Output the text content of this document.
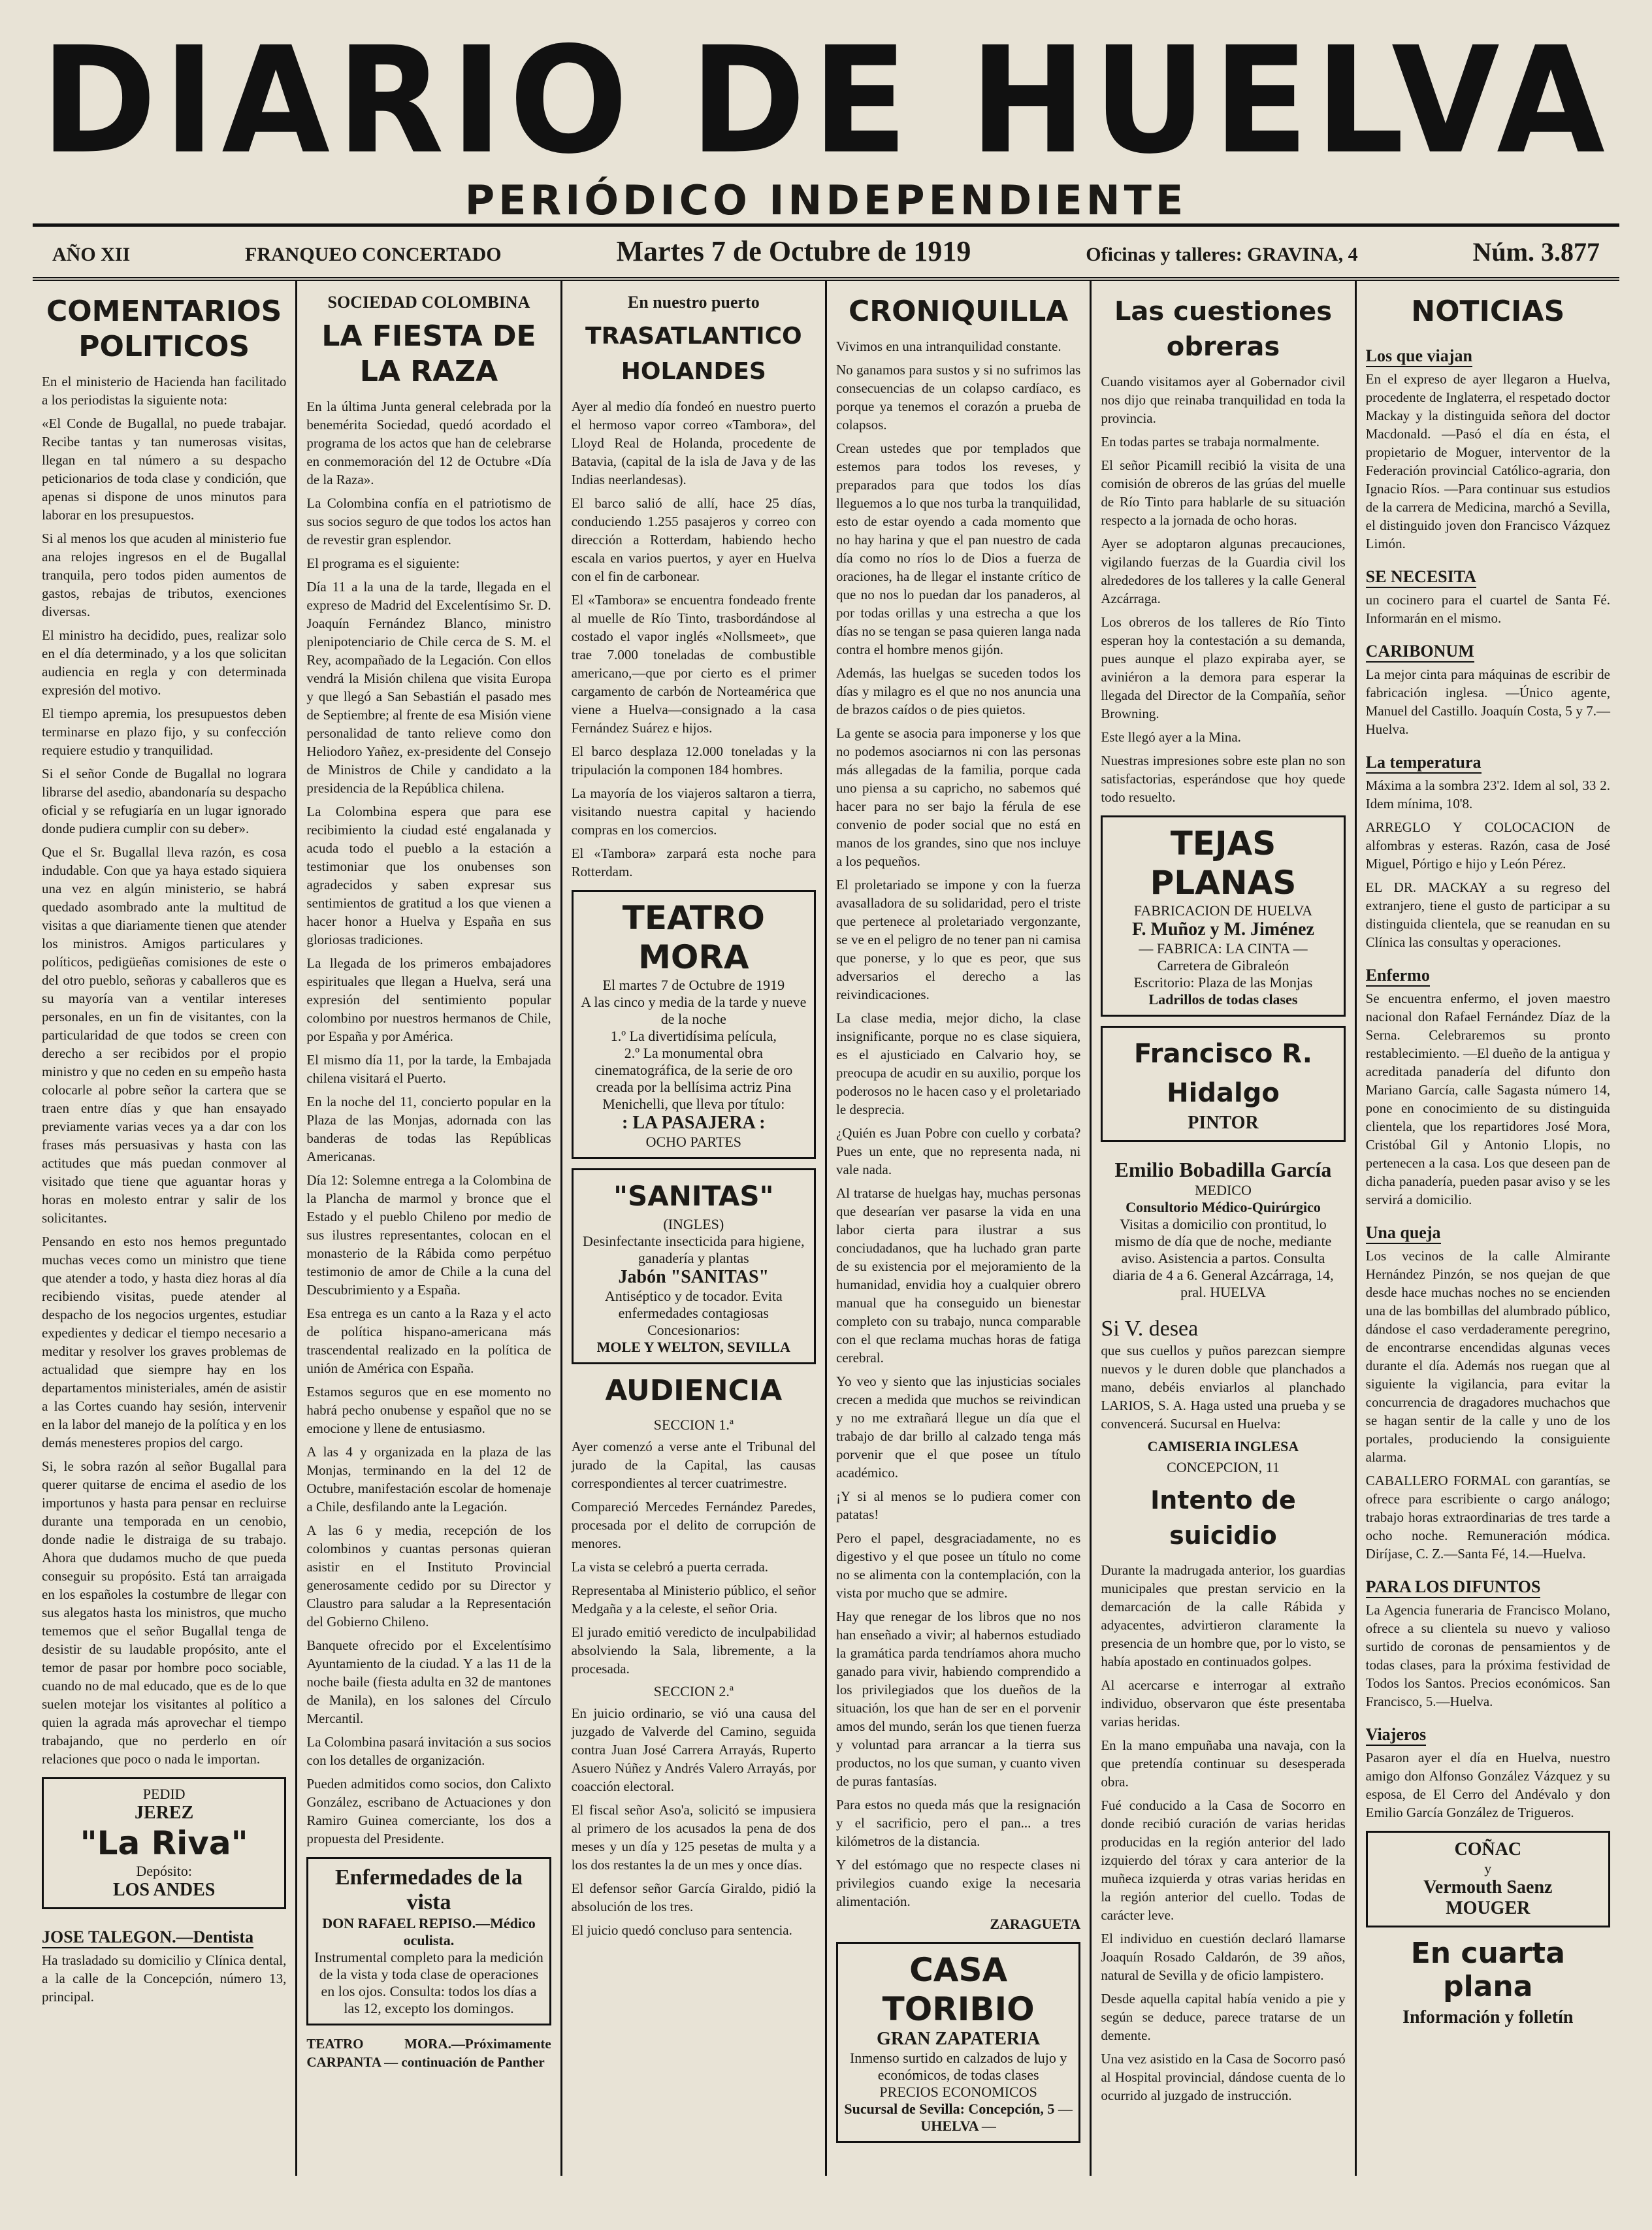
DIARIO DE HUELVA
PERIÓDICO INDEPENDIENTE
AÑO XII	FRANQUEO CONCERTADO	Martes 7 de Octubre de 1919	Oficinas y talleres: GRAVINA, 4	Núm. 3.877
COMENTARIOS POLITICOS

En el ministerio de Hacienda han facilitado a los periodistas la siguiente nota:

«El Conde de Bugallal, no puede trabajar. Recibe tantas y tan numerosas visitas, llegan en tal número a su despacho peticionarios de toda clase y condición, que apenas si dispone de unos minutos para laborar en los presupuestos.

Si al menos los que acuden al ministerio fue ana relojes ingresos en el de Bugallal tranquila, pero todos piden aumentos de gastos, rebajas de tributos, exenciones diversas.

El ministro ha decidido, pues, realizar solo en el día determinado, y a los que solicitan audiencia en regla y con determinada expresión del motivo.

El tiempo apremia, los presupuestos deben terminarse en plazo fijo, y su confección requiere estudio y tranquilidad.

Si el señor Conde de Bugallal no lograra librarse del asedio, abandonaría su despacho oficial y se refugiaría en un lugar ignorado donde pudiera cumplir con su deber».

Que el Sr. Bugallal lleva razón, es cosa indudable. Con que ya haya estado siquiera una vez en algún ministerio, se habrá quedado asombrado ante la multitud de visitas a que diariamente tienen que atender los ministros. Amigos particulares y políticos, pedigüeñas comisiones de este o del otro pueblo, señoras y caballeros que es su mayoría van a ventilar intereses personales, en un fin de visitantes, con la particularidad de que todos se creen con derecho a ser recibidos por el propio ministro y que no ceden en su empeño hasta colocarle al pobre señor la cartera que se traen entre días y que han ensayado previamente varias veces ya a dar con los frases más persuasivas y hasta con las actitudes que más puedan conmover al visitado que tiene que aguantar horas y horas en molesto entrar y salir de los solicitantes.

Pensando en esto nos hemos preguntado muchas veces como un ministro que tiene que atender a todo, y hasta diez horas al día recibiendo visitas, puede atender al despacho de los negocios urgentes, estudiar expedientes y dedicar el tiempo necesario a meditar y resolver los graves problemas de actualidad que siempre hay en los departamentos ministeriales, amén de asistir a las Cortes cuando hay sesión, intervenir en la labor del manejo de la política y en los demás menesteres propios del cargo.

Si, le sobra razón al señor Bugallal para querer quitarse de encima el asedio de los importunos y hasta para pensar en recluirse durante una temporada en un cenobio, donde nadie le distraiga de su trabajo. Ahora que dudamos mucho de que pueda conseguir su propósito. Está tan arraigada en los españoles la costumbre de llegar con sus alegatos hasta los ministros, que mucho tememos que el señor Bugallal tenga de desistir de su laudable propósito, ante el temor de pasar por hombre poco sociable, cuando no de mal educado, que es de lo que suelen motejar los visitantes al político a quien la agrada más aprovechar el tiempo trabajando, que no perderlo en oír relaciones que poco o nada le importan.

PEDID
JEREZ
"La Riva"
Depósito:
LOS ANDES
JOSE TALEGON.—Dentista

Ha trasladado su domicilio y Clínica dental, a la calle de la Concepción, número 13, principal.

SOCIEDAD COLOMBINA
LA FIESTA DE LA RAZA

En la última Junta general celebrada por la benemérita Sociedad, quedó acordado el programa de los actos que han de celebrarse en conmemoración del 12 de Octubre «Día de la Raza».

La Colombina confía en el patriotismo de sus socios seguro de que todos los actos han de revestir gran esplendor.

El programa es el siguiente:

Día 11 a la una de la tarde, llegada en el expreso de Madrid del Excelentísimo Sr. D. Joaquín Fernández Blanco, ministro plenipotenciario de Chile cerca de S. M. el Rey, acompañado de la Legación. Con ellos vendrá la Misión chilena que visita Europa y que llegó a San Sebastián el pasado mes de Septiembre; al frente de esa Misión viene personalidad de tanto relieve como don Heliodoro Yañez, ex-presidente del Consejo de Ministros de Chile y candidato a la presidencia de la República chilena.

La Colombina espera que para ese recibimiento la ciudad esté engalanada y acuda todo el pueblo a la estación a testimoniar que los onubenses son agradecidos y saben expresar sus sentimientos de gratitud a los que vienen a hacer honor a Huelva y España en sus gloriosas tradiciones.

La llegada de los primeros embajadores espirituales que llegan a Huelva, será una expresión del sentimiento popular colombino por nuestros hermanos de Chile, por España y por América.

El mismo día 11, por la tarde, la Embajada chilena visitará el Puerto.

En la noche del 11, concierto popular en la Plaza de las Monjas, adornada con las banderas de todas las Repúblicas Americanas.

Día 12: Solemne entrega a la Colombina de la Plancha de marmol y bronce que el Estado y el pueblo Chileno por medio de sus ilustres representantes, colocan en el monasterio de la Rábida como perpétuo testimonio de amor de Chile a la cuna del Descubrimiento y a España.

Esa entrega es un canto a la Raza y el acto de política hispano-americana más trascendental realizado en la política de unión de América con España.

Estamos seguros que en ese momento no habrá pecho onubense y español que no se emocione y llene de entusiasmo.

A las 4 y organizada en la plaza de las Monjas, terminando en la del 12 de Octubre, manifestación escolar de homenaje a Chile, desfilando ante la Legación.

A las 6 y media, recepción de los colombinos y cuantas personas quieran asistir en el Instituto Provincial generosamente cedido por su Director y Claustro para saludar a la Representación del Gobierno Chileno.

Banquete ofrecido por el Excelentísimo Ayuntamiento de la ciudad. Y a las 11 de la noche baile (fiesta adulta en 32 de mantones de Manila), en los salones del Círculo Mercantil.

La Colombina pasará invitación a sus socios con los detalles de organización.

Pueden admitidos como socios, don Calixto González, escribano de Actuaciones y don Ramiro Guinea comerciante, los dos a propuesta del Presidente.

Enfermedades de la vista
DON RAFAEL REPISO.—Médico oculista.
Instrumental completo para la medición de la vista y toda clase de operaciones en los ojos. Consulta: todos los días a las 12, excepto los domingos.

TEATRO MORA.—Próximamente CARPANTA — continuación de Panther

En nuestro puerto
TRASATLANTICO HOLANDES

Ayer al medio día fondeó en nuestro puerto el hermoso vapor correo «Tambora», del Lloyd Real de Holanda, procedente de Batavia, (capital de la isla de Java y de las Indias neerlandesas).

El barco salió de allí, hace 25 días, conduciendo 1.255 pasajeros y correo con dirección a Rotterdam, habiendo hecho escala en varios puertos, y ayer en Huelva con el fin de carbonear.

El «Tambora» se encuentra fondeado frente al muelle de Río Tinto, trasbordándose al costado el vapor inglés «Nollsmeet», que trae 7.000 toneladas de combustible americano,—que por cierto es el primer cargamento de carbón de Norteamérica que viene a Huelva—consignado a la casa Fernández Suárez e hijos.

El barco desplaza 12.000 toneladas y la tripulación la componen 184 hombres.

La mayoría de los viajeros saltaron a tierra, visitando nuestra capital y haciendo compras en los comercios.

El «Tambora» zarpará esta noche para Rotterdam.

TEATRO MORA
El martes 7 de Octubre de 1919
A las cinco y media de la tarde y nueve de la noche
1.º La divertidísima película,
2.º La monumental obra cinematográfica, de la serie de oro creada por la bellísima actriz Pina Menichelli, que lleva por título:
: LA PASAJERA :
OCHO PARTES
"SANITAS"
(INGLES)
Desinfectante insecticida para higiene, ganadería y plantas
Jabón "SANITAS"
Antiséptico y de tocador. Evita enfermedades contagiosas
Concesionarios:
MOLE Y WELTON, SEVILLA
AUDIENCIA
SECCION 1.ª

Ayer comenzó a verse ante el Tribunal del jurado de la Capital, las causas correspondientes al tercer cuatrimestre.

Compareció Mercedes Fernández Paredes, procesada por el delito de corrupción de menores.

La vista se celebró a puerta cerrada.

Representaba al Ministerio público, el señor Medgaña y a la celeste, el señor Oria.

El jurado emitió veredicto de inculpabilidad absolviendo la Sala, libremente, a la procesada.

SECCION 2.ª

En juicio ordinario, se vió una causa del juzgado de Valverde del Camino, seguida contra Juan José Carrera Arrayás, Ruperto Asuero Núñez y Andrés Valero Arrayás, por coacción electoral.

El fiscal señor Aso'a, solicitó se impusiera al primero de los acusados la pena de dos meses y un día y 125 pesetas de multa y a los dos restantes la de un mes y once días.

El defensor señor García Giraldo, pidió la absolución de los tres.

El juicio quedó concluso para sentencia.

CRONIQUILLA

Vivimos en una intranquilidad constante.

No ganamos para sustos y si no sufrimos las consecuencias de un colapso cardíaco, es porque ya tenemos el corazón a prueba de colapsos.

Crean ustedes que por templados que estemos para todos los reveses, y preparados para que todos los días lleguemos a lo que nos turba la tranquilidad, esto de estar oyendo a cada momento que no hay harina y que el pan nuestro de cada día como no ríos lo de Dios a fuerza de oraciones, ha de llegar el instante crítico de que no nos lo puedan dar los panaderos, al por todas orillas y una estrecha a que los días no se tengan se pasa quieren langa nada contra el hombre menos gijón.

Además, las huelgas se suceden todos los días y milagro es el que no nos anuncia una de brazos caídos o de pies quietos.

La gente se asocia para imponerse y los que no podemos asociarnos ni con las personas más allegadas de la familia, porque cada uno piensa a su capricho, no sabemos qué hacer para no ser bajo la férula de ese convenio de poder social que no está en manos de los grandes, sino que nos incluye a los pequeños.

El proletariado se impone y con la fuerza avasalladora de su solidaridad, pero el triste que pertenece al proletariado vergonzante, se ve en el peligro de no tener pan ni camisa que ponerse, y lo que es peor, que sus adversarios el derecho a las reivindicaciones.

La clase media, mejor dicho, la clase insignificante, porque no es clase siquiera, es el ajusticiado en Calvario hoy, se preocupa de acudir en su auxilio, porque los poderosos no le hacen caso y el proletariado le desprecia.

¿Quién es Juan Pobre con cuello y corbata? Pues un ente, que no representa nada, ni vale nada.

Al tratarse de huelgas hay, muchas personas que desearían ver pasarse la vida en una labor cierta para ilustrar a sus conciudadanos, que ha luchado gran parte de su existencia por el mejoramiento de la humanidad, envidia hoy a cualquier obrero manual que ha conseguido un bienestar completo con su trabajo, nunca comparable con el que reclama muchas horas de fatiga cerebral.

Yo veo y siento que las injusticias sociales crecen a medida que muchos se reivindican y no me extrañará llegue un día que el trabajo de dar brillo al calzado tenga más porvenir que el que posee un título académico.

¡Y si al menos se lo pudiera comer con patatas!

Pero el papel, desgraciadamente, no es digestivo y el que posee un título no come no se alimenta con la contemplación, con la vista por mucho que se admire.

Hay que renegar de los libros que no nos han enseñado a vivir; al habernos estudiado la gramática parda tendríamos ahora mucho ganado para vivir, habiendo comprendido a los privilegiados que los dueños de la situación, los que han de ser en el porvenir amos del mundo, serán los que tienen fuerza y voluntad para arrancar a la tierra sus productos, no los que suman, y cuanto viven de puras fantasías.

Para estos no queda más que la resignación y el sacrificio, pero el pan... a tres kilómetros de la distancia.

Y del estómago que no respecte clases ni privilegios cuando exige la necesaria alimentación.

ZARAGUETA
CASA TORIBIO
GRAN ZAPATERIA
Inmenso surtido en calzados de lujo y económicos, de todas clases
PRECIOS ECONOMICOS
Sucursal de Sevilla: Concepción, 5 — UHELVA —
Las cuestiones obreras

Cuando visitamos ayer al Gobernador civil nos dijo que reinaba tranquilidad en toda la provincia.

En todas partes se trabaja normalmente.

El señor Picamill recibió la visita de una comisión de obreros de las grúas del muelle de Río Tinto para hablarle de su situación respecto a la jornada de ocho horas.

Ayer se adoptaron algunas precauciones, vigilando fuerzas de la Guardia civil los alrededores de los talleres y la calle General Azcárraga.

Los obreros de los talleres de Río Tinto esperan hoy la contestación a su demanda, pues aunque el plazo expiraba ayer, se aviniéron a la demora para esperar la llegada del Director de la Compañía, señor Browning.

Este llegó ayer a la Mina.

Nuestras impresiones sobre este plan no son satisfactorias, esperándose que hoy quede todo resuelto.

TEJAS PLANAS
FABRICACION DE HUELVA
F. Muñoz y M. Jiménez
— FABRICA: LA CINTA —
Carretera de Gibraleón
Escritorio: Plaza de las Monjas
Ladrillos de todas clases
Francisco R. Hidalgo
PINTOR
Emilio Bobadilla García
MEDICO
Consultorio Médico-Quirúrgico
Visitas a domicilio con prontitud, lo mismo de día que de noche, mediante aviso. Asistencia a partos. Consulta diaria de 4 a 6. General Azcárraga, 14, pral. HUELVA
Si V. desea

que sus cuellos y puños parezcan siempre nuevos y le duren doble que planchados a mano, debéis enviarlos al planchado LARIOS, S. A. Haga usted una prueba y se convencerá. Sucursal en Huelva:

CAMISERIA INGLESA
CONCEPCION, 11
Intento de suicidio

Durante la madrugada anterior, los guardias municipales que prestan servicio en la demarcación de la calle Rábida y adyacentes, advirtieron claramente la presencia de un hombre que, por lo visto, se había apostado en continuados golpes.

Al acercarse e interrogar al extraño individuo, observaron que éste presentaba varias heridas.

En la mano empuñaba una navaja, con la que pretendía continuar su desesperada obra.

Fué conducido a la Casa de Socorro en donde recibió curación de varias heridas producidas en la región anterior del lado izquierdo del tórax y cara anterior de la muñeca izquierda y otras varias heridas en la región anterior del cuello. Todas de carácter leve.

El individuo en cuestión declaró llamarse Joaquín Rosado Caldarón, de 39 años, natural de Sevilla y de oficio lampistero.

Desde aquella capital había venido a pie y según se deduce, parece tratarse de un demente.

Una vez asistido en la Casa de Socorro pasó al Hospital provincial, dándose cuenta de lo ocurrido al juzgado de instrucción.

NOTICIAS
Los que viajan

En el expreso de ayer llegaron a Huelva, procedente de Inglaterra, el respetado doctor Mackay y la distinguida señora del doctor Macdonald. —Pasó el día en ésta, el propietario de Moguer, interventor de la Federación provincial Católico-agraria, don Ignacio Ríos. —Para continuar sus estudios de la carrera de Medicina, marchó a Sevilla, el distinguido joven don Francisco Vázquez Limón.

SE NECESITA

un cocinero para el cuartel de Santa Fé. Informarán en el mismo.

CARIBONUM

La mejor cinta para máquinas de escribir de fabricación inglesa. —Único agente, Manuel del Castillo. Joaquín Costa, 5 y 7.—Huelva.

La temperatura

Máxima a la sombra 23'2. Idem al sol, 33 2. Idem mínima, 10'8.

ARREGLO Y COLOCACION de alfombras y esteras. Razón, casa de José Miguel, Pórtigo e hijo y León Pérez.

EL DR. MACKAY a su regreso del extranjero, tiene el gusto de participar a su distinguida clientela, que se reanudan en su Clínica las consultas y operaciones.

Enfermo

Se encuentra enfermo, el joven maestro nacional don Rafael Fernández Díaz de la Serna. Celebraremos su pronto restablecimiento. —El dueño de la antigua y acreditada panadería del difunto don Mariano García, calle Sagasta número 14, pone en conocimiento de su distinguida clientela, que los repartidores José Mora, Cristóbal Gil y Antonio Llopis, no pertenecen a la casa. Los que deseen pan de dicha panadería, pueden pasar aviso y se les servirá a domicilio.

Una queja

Los vecinos de la calle Almirante Hernández Pinzón, se nos quejan de que desde hace muchas noches no se encienden una de las bombillas del alumbrado público, dándose el caso verdaderamente peregrino, de encontrarse encendidas algunas veces durante el día. Además nos ruegan que al siguiente la vigilancia, para evitar la concurrencia de dragadores muchachos que se hagan sentir de la calle y uno de los portales, produciendo la consiguiente alarma.

CABALLERO FORMAL con garantías, se ofrece para escribiente o cargo análogo; trabajo horas extraordinarias de tres tarde a ocho noche. Remuneración módica. Diríjase, C. Z.—Santa Fé, 14.—Huelva.

PARA LOS DIFUNTOS

La Agencia funeraria de Francisco Molano, ofrece a su clientela su nuevo y valioso surtido de coronas de pensamientos y de todas clases, para la próxima festividad de Todos los Santos. Precios económicos. San Francisco, 5.—Huelva.

Viajeros

Pasaron ayer el día en Huelva, nuestro amigo don Alfonso González Vázquez y su esposa, de El Cerro del Andévalo y don Emilio García González de Trigueros.

COÑAC
y
Vermouth Saenz
MOUGER
En cuarta plana
Información y folletín
